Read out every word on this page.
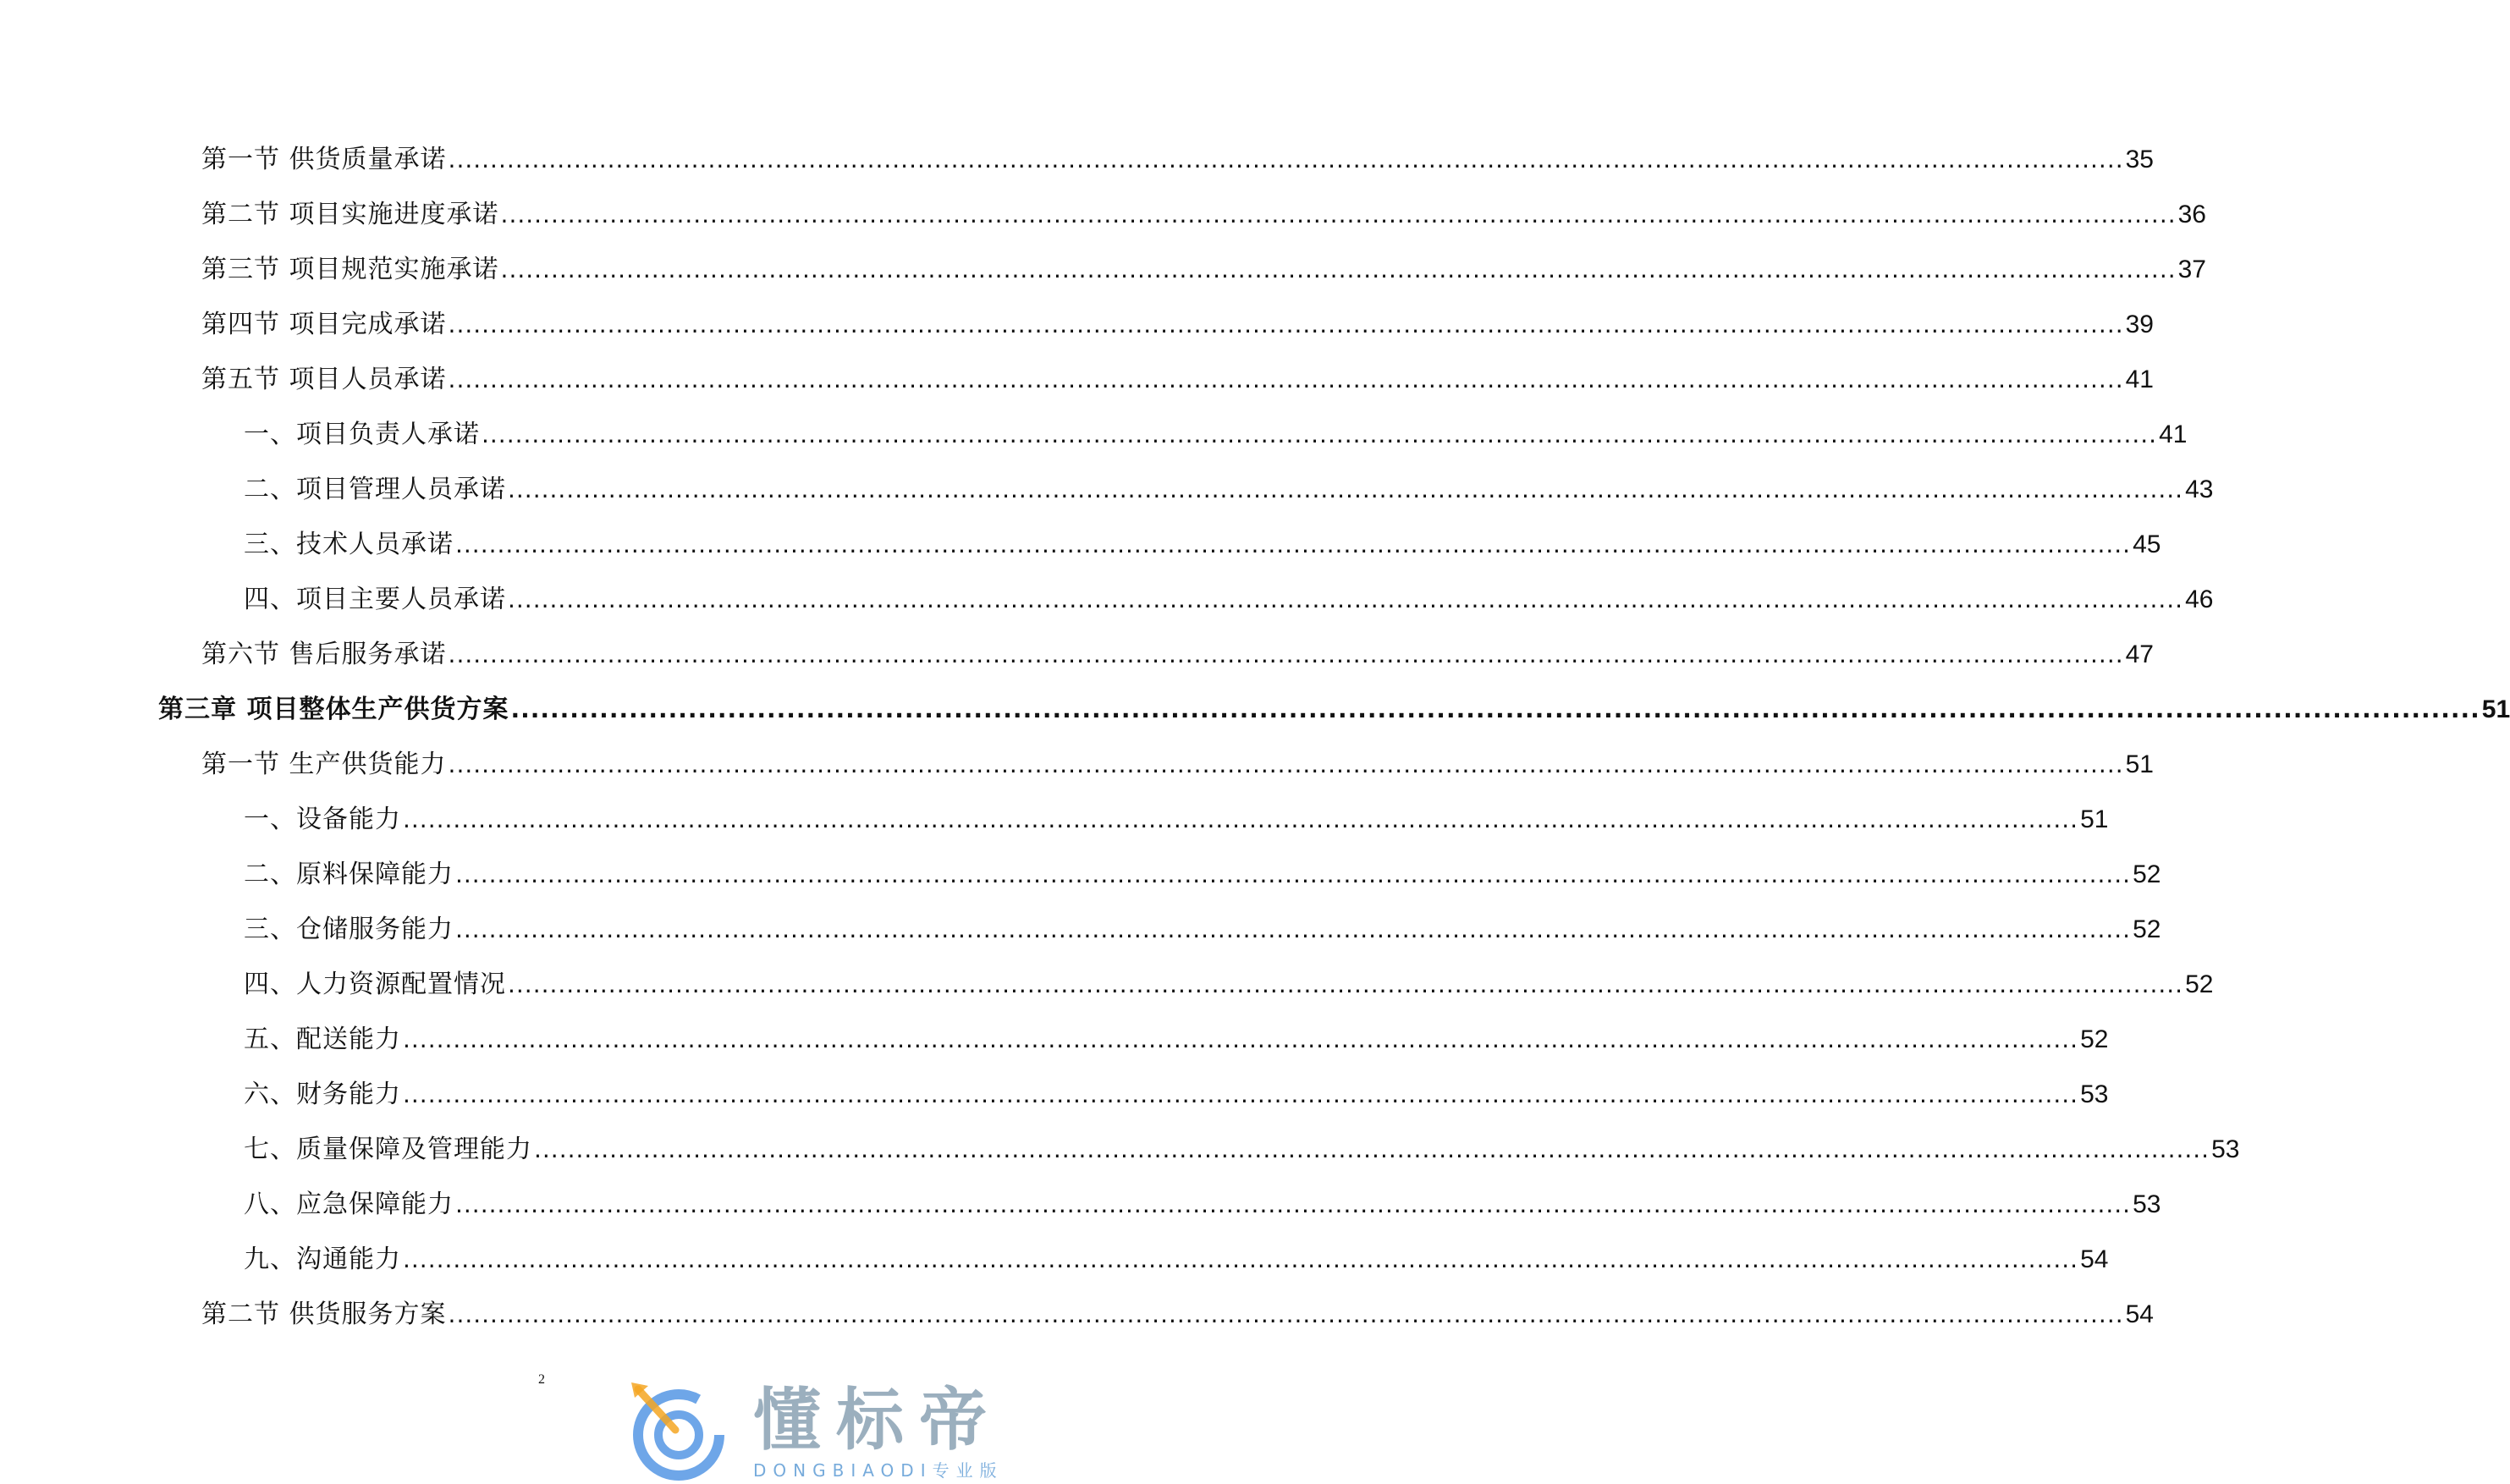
第一节 供货质量承诺 ........................................................................................................................................................................................................ 35
第二节 项目实施进度承诺 ........................................................................................................................................................................................................ 36
第三节 项目规范实施承诺 ........................................................................................................................................................................................................ 37
第四节 项目完成承诺 ........................................................................................................................................................................................................ 39
第五节 项目人员承诺 ........................................................................................................................................................................................................ 41
一、项目负责人承诺 ........................................................................................................................................................................................................ 41
二、项目管理人员承诺 ........................................................................................................................................................................................................ 43
三、技术人员承诺 ........................................................................................................................................................................................................ 45
四、项目主要人员承诺 ........................................................................................................................................................................................................ 46
第六节 售后服务承诺 ........................................................................................................................................................................................................ 47
第三章 项目整体生产供货方案 ........................................................................................................................................................................................................ 51
第一节 生产供货能力 ........................................................................................................................................................................................................ 51
一、设备能力 ........................................................................................................................................................................................................ 51
二、原料保障能力 ........................................................................................................................................................................................................ 52
三、仓储服务能力 ........................................................................................................................................................................................................ 52
四、人力资源配置情况 ........................................................................................................................................................................................................ 52
五、配送能力 ........................................................................................................................................................................................................ 52
六、财务能力 ........................................................................................................................................................................................................ 53
七、质量保障及管理能力 ........................................................................................................................................................................................................ 53
八、应急保障能力 ........................................................................................................................................................................................................ 53
九、沟通能力 ........................................................................................................................................................................................................ 54
第二节 供货服务方案 ........................................................................................................................................................................................................ 54
2
懂标帝
DONGBIAODI专业版
